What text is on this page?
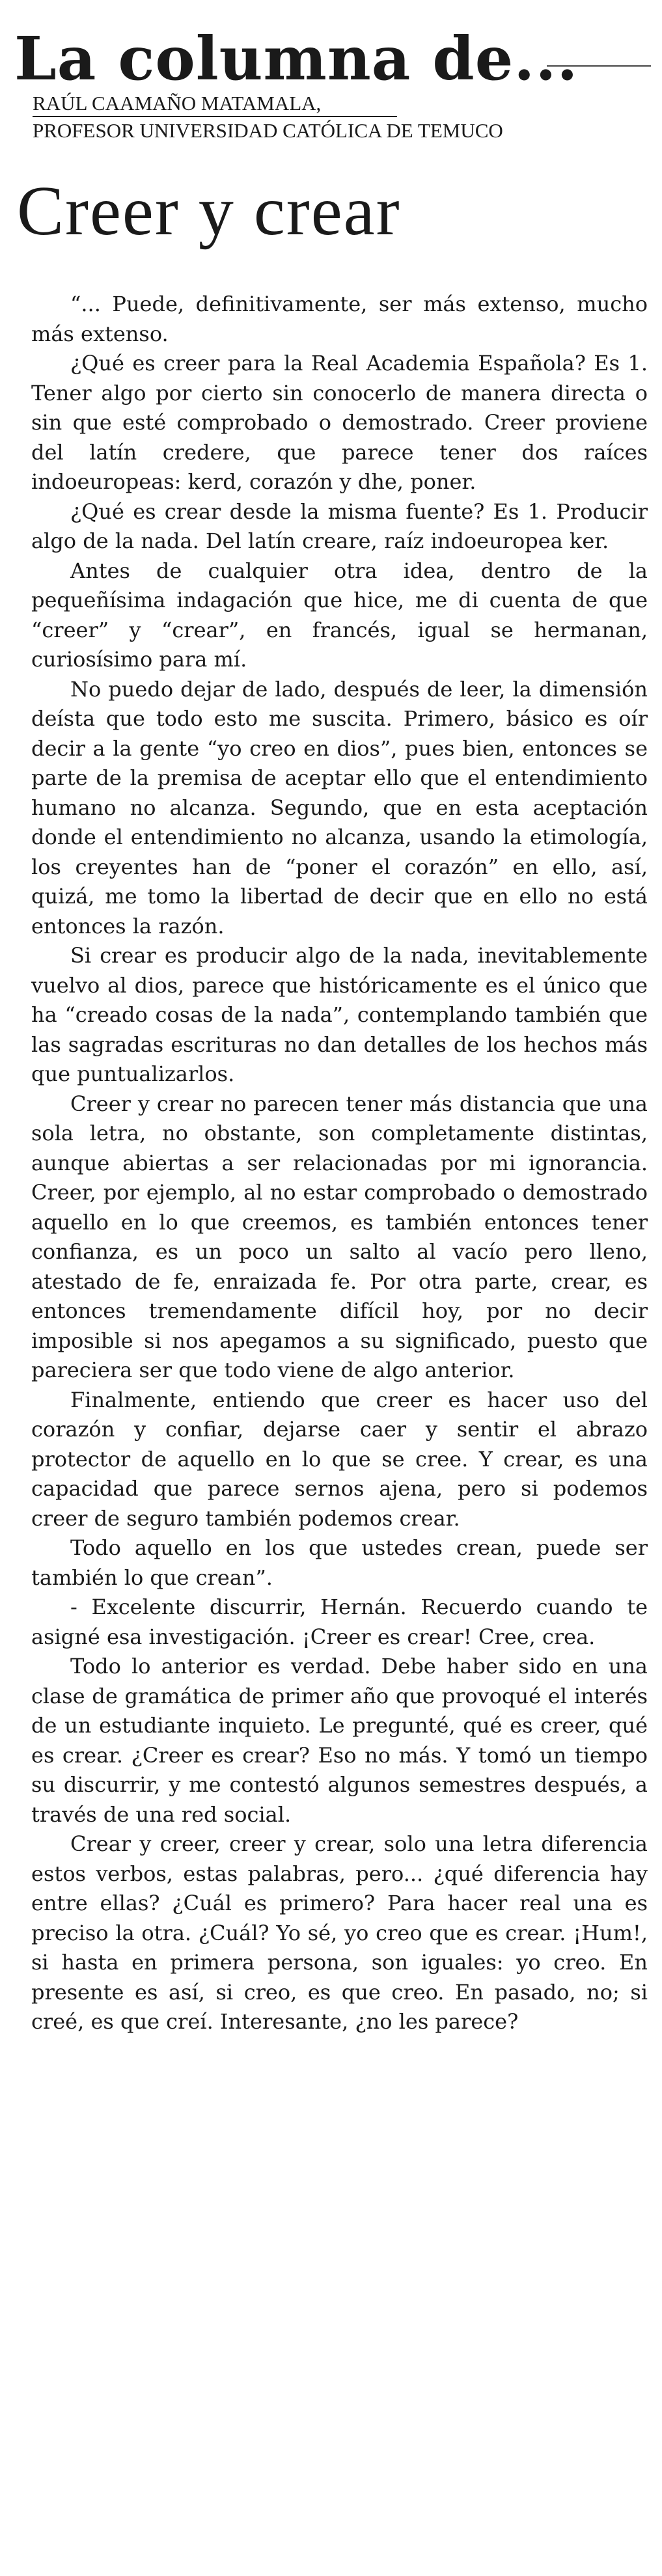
La columna de...
RAÚL CAAMAÑO MATAMALA,
PROFESOR UNIVERSIDAD CATÓLICA DE TEMUCO
Creer y crear

“... Puede, definitivamente, ser más extenso, mucho más extenso.

¿Qué es creer para la Real Academia Española? Es 1. Tener algo por cierto sin conocerlo de manera directa o sin que esté comprobado o demostrado. Creer proviene del latín credere, que parece tener dos raíces indoeuropeas: kerd, corazón y dhe, poner.

¿Qué es crear desde la misma fuente? Es 1. Producir algo de la nada. Del latín creare, raíz indoeuropea ker.

Antes de cualquier otra idea, dentro de la pequeñísima indagación que hice, me di cuenta de que “creer” y “crear”, en francés, igual se hermanan, curiosísimo para mí.

No puedo dejar de lado, después de leer, la dimensión deísta que todo esto me suscita. Primero, básico es oír decir a la gente “yo creo en dios”, pues bien, entonces se parte de la premisa de aceptar ello que el entendimiento humano no alcanza. Segundo, que en esta aceptación donde el entendimiento no alcanza, usando la etimología, los creyentes han de “poner el corazón” en ello, así, quizá, me tomo la libertad de decir que en ello no está entonces la razón.

Si crear es producir algo de la nada, inevitablemente vuelvo al dios, parece que históricamente es el único que ha “creado cosas de la nada”, contemplando también que las sagradas escrituras no dan detalles de los hechos más que puntualizarlos.

Creer y crear no parecen tener más distancia que una sola letra, no obstante, son completamente distintas, aunque abiertas a ser relacionadas por mi ignorancia. Creer, por ejemplo, al no estar comprobado o demostrado aquello en lo que creemos, es también entonces tener confianza, es un poco un salto al vacío pero lleno, atestado de fe, enraizada fe. Por otra parte, crear, es entonces tremendamente difícil hoy, por no decir imposible si nos apegamos a su significado, puesto que pareciera ser que todo viene de algo anterior.

Finalmente, entiendo que creer es hacer uso del corazón y confiar, dejarse caer y sentir el abrazo protector de aquello en lo que se cree. Y crear, es una capacidad que parece sernos ajena, pero si podemos creer de seguro también podemos crear.

Todo aquello en los que ustedes crean, puede ser también lo que crean”.

- Excelente discurrir, Hernán. Recuerdo cuando te asigné esa investigación. ¡Creer es crear! Cree, crea.

Todo lo anterior es verdad. Debe haber sido en una clase de gramática de primer año que provoqué el interés de un estudiante inquieto. Le pregunté, qué es creer, qué es crear. ¿Creer es crear? Eso no más. Y tomó un tiempo su discurrir, y me contestó algunos semestres después, a través de una red social.

Crear y creer, creer y crear, solo una letra diferencia estos verbos, estas palabras, pero... ¿qué diferencia hay entre ellas? ¿Cuál es primero? Para hacer real una es preciso la otra. ¿Cuál? Yo sé, yo creo que es crear. ¡Hum!, si hasta en primera persona, son iguales: yo creo. En presente es así, si creo, es que creo. En pasado, no; si creé, es que creí. Interesante, ¿no les parece?
